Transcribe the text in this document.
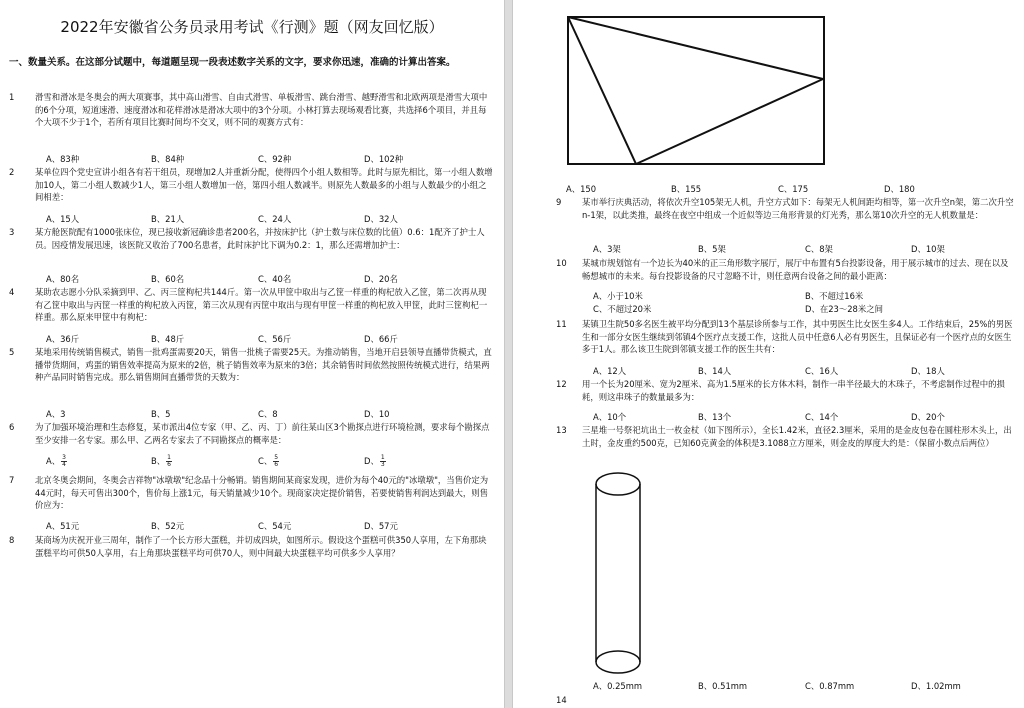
2022年安徽省公务员录用考试《行测》题（网友回忆版）
一、数量关系。在这部分试题中，每道题呈现一段表述数字关系的文字，要求你迅速，准确的计算出答案。
1	滑雪和滑冰是冬奥会的两大项赛事，其中高山滑雪、自由式滑雪、单板滑雪、跳台滑雪、越野滑雪和北欧两项是滑雪大项中的6个分项，短道速滑、速度滑冰和花样滑冰是滑冰大项中的3个分项。小林打算去现场观看比赛，共选择6个项目，并且每个大项不少于1个，若所有项目比赛时间均不交叉，则不同的观赛方式有：
A、83种	B、84种	C、92种	D、102种
2	某单位四个党史宣讲小组各有若干组员，现增加2人并重新分配，使得四个小组人数相等。此时与原先相比，第一小组人数增加10人，第二小组人数减少1人，第三小组人数增加一倍，第四小组人数减半。则原先人数最多的小组与人数最少的小组之间相差：
A、15人	B、21人	C、24人	D、32人
3	某方舱医院配有1000张床位，现已接收新冠确诊患者200名，并按床护比（护士数与床位数的比值）0.6：1配齐了护士人员。因疫情发展迅速，该医院又收治了700名患者，此时床护比下调为0.2：1，那么还需增加护士：
A、80名	B、60名	C、40名	D、20名
4	某助农志愿小分队采摘到甲、乙、丙三筐枸杞共144斤。第一次从甲筐中取出与乙筐一样重的枸杞放入乙筐，第二次再从现有乙筐中取出与丙筐一样重的枸杞放入丙筐，第三次从现有丙筐中取出与现有甲筐一样重的枸杞放入甲筐，此时三筐枸杞一样重。那么原来甲筐中有枸杞：
A、36斤	B、48斤	C、56斤	D、66斤
5	某地采用传统销售模式，销售一批鸡蛋需要20天，销售一批桃子需要25天。为推动销售，当地开启县领导直播带货模式，直播带货期间，鸡蛋的销售效率提高为原来的2倍，桃子销售效率为原来的3倍；其余销售时间依然按照传统模式进行，结果两种产品同时销售完成。那么销售期间直播带货的天数为：
A、3	B、5	C、8	D、10
6	为了加强环境治理和生态修复，某市派出4位专家（甲、乙、丙、丁）前往某山区3个勘探点进行环境检测，要求每个勘探点至少安排一名专家。那么甲、乙两名专家去了不同勘探点的概率是：
A、 $\frac{3}{4}$	B、 $\frac{1}{6}$	C、 $\frac{5}{6}$	D、 $\frac{1}{3}$
7	北京冬奥会期间，冬奥会吉祥物"冰墩墩"纪念品十分畅销。销售期间某商家发现，进价为每个40元的"冰墩墩"，当售价定为44元时，每天可售出300个，售价每上涨1元，每天销量减少10个。现商家决定提价销售，若要使销售利润达到最大，则售价应为：
A、51元	B、52元	C、54元	D、57元
8	某商场为庆祝开业三周年，制作了一个长方形大蛋糕，并切成四块，如图所示。假设这个蛋糕可供350人享用，左下角那块蛋糕平均可供50人享用，右上角那块蛋糕平均可供70人，则中间最大块蛋糕平均可供多少人享用？
A、150	B、155	C、175	D、180
9	某市举行庆典活动，将依次升空105架无人机，升空方式如下：每架无人机间距均相等，第一次升空n架，第二次升空n-1架，以此类推，最终在夜空中组成一个近似等边三角形背景的灯光秀，那么第10次升空的无人机数量是：
A、3架	B、5架	C、8架	D、10架
10 某城市规划馆有一个边长为40米的正三角形数字展厅，展厅中布置有5台投影设备，用于展示城市的过去、现在以及畅想城市的未来。每台投影设备的尺寸忽略不计，则任意两台设备之间的最小距离：
A、小于10米	B、不超过16米
C、不超过20米	D、在23～28米之间
11 某镇卫生院50多名医生被平均分配到13个基层诊所参与工作，其中男医生比女医生多4人。工作结束后，25%的男医生和一部分女医生继续到邻镇4个医疗点支援工作，这批人员中任意6人必有男医生，且保证必有一个医疗点的女医生多于1人。那么该卫生院到邻镇支援工作的医生共有：
A、12人	B、14人	C、16人	D、18人
12 用一个长为20厘米、宽为2厘米、高为1.5厘米的长方体木料，制作一串半径最大的木珠子，不考虑制作过程中的损耗，则这串珠子的数量最多为：
A、10个	B、13个	C、14个	D、20个
13 三星堆一号祭祀坑出土一枚金杖（如下图所示），全长1.42米，直径2.3厘米，采用的是金皮包卷在圆柱形木头上，出土时，金皮重约500克，已知60克黄金的体积是3.1088立方厘米，则金皮的厚度大约是：（保留小数点后两位）
A、0.25mm	B、0.51mm	C、0.87mm	D、1.02mm
14
